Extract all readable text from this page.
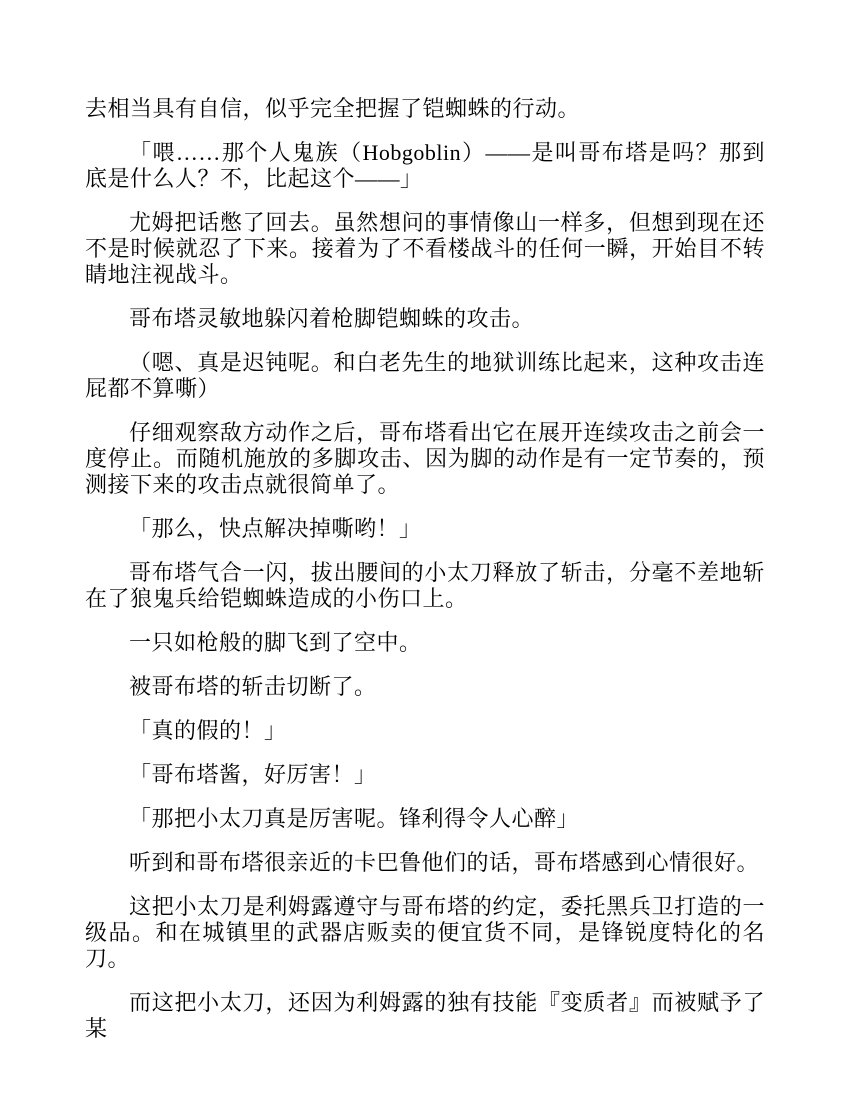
去相当具有自信，似乎完全把握了铠蜘蛛的行动。

「喂……那个人鬼族（Hobgoblin）——是叫哥布塔是吗？那到底是什么人？不，比起这个——」

尤姆把话憋了回去。虽然想问的事情像山一样多，但想到现在还不是时候就忍了下来。接着为了不看楼战斗的任何一瞬，开始目不转睛地注视战斗。

哥布塔灵敏地躲闪着枪脚铠蜘蛛的攻击。

（嗯、真是迟钝呢。和白老先生的地狱训练比起来，这种攻击连屁都不算嘶）

仔细观察敌方动作之后，哥布塔看出它在展开连续攻击之前会一度停止。而随机施放的多脚攻击、因为脚的动作是有一定节奏的，预测接下来的攻击点就很简单了。

「那么，快点解决掉嘶哟！」

哥布塔气合一闪，拔出腰间的小太刀释放了斩击，分毫不差地斩在了狼鬼兵给铠蜘蛛造成的小伤口上。

一只如枪般的脚飞到了空中。

被哥布塔的斩击切断了。

「真的假的！」

「哥布塔酱，好厉害！」

「那把小太刀真是厉害呢。锋利得令人心醉」

听到和哥布塔很亲近的卡巴鲁他们的话，哥布塔感到心情很好。

这把小太刀是利姆露遵守与哥布塔的约定，委托黑兵卫打造的一级品。和在城镇里的武器店贩卖的便宜货不同，是锋锐度特化的名刀。

而这把小太刀，还因为利姆露的独有技能『变质者』而被赋予了某
